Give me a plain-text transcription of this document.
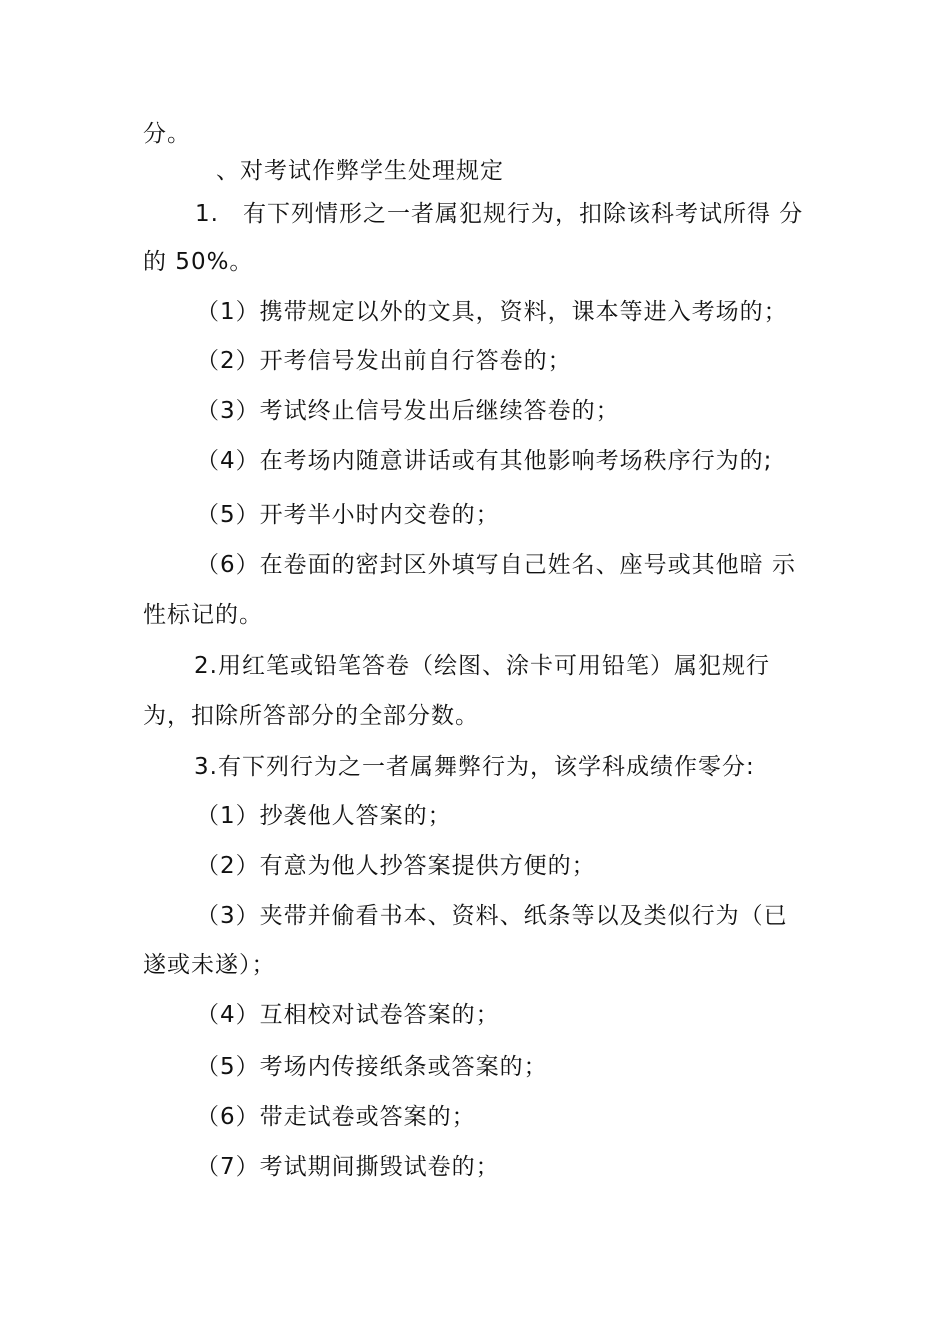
分。
、对考试作弊学生处理规定
1.　有下列情形之一者属犯规行为，扣除该科考试所得 分
的 50%。
（1）携带规定以外的文具，资料，课本等进入考场的；
（2）开考信号发出前自行答卷的；
（3）考试终止信号发出后继续答卷的；
（4）在考场内随意讲话或有其他影响考场秩序行为的;
（5）开考半小时内交卷的；
（6）在卷面的密封区外填写自己姓名、座号或其他暗 示
性标记的。
2.用红笔或铅笔答卷（绘图、涂卡可用铅笔）属犯规行
为，扣除所答部分的全部分数。
3.有下列行为之一者属舞弊行为，该学科成绩作零分:
（1）抄袭他人答案的；
（2）有意为他人抄答案提供方便的；
（3）夹带并偷看书本、资料、纸条等以及类似行为（已
遂或未遂）；
（4）互相校对试卷答案的；
（5）考场内传接纸条或答案的；
（6）带走试卷或答案的；
（7）考试期间撕毁试卷的；
